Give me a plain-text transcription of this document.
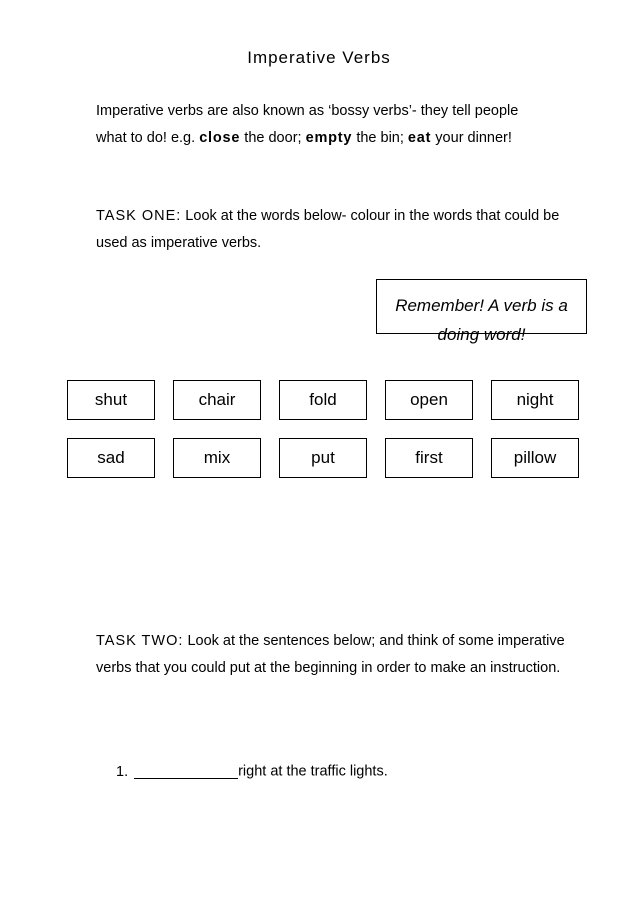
Imperative Verbs

Imperative verbs are also known as ‘bossy verbs’- they tell people
what to do! e.g. close the door; empty the bin; eat your dinner!

TASK ONE: Look at the words below- colour in the words that could be used as imperative verbs.

Remember! A verb is a doing word!

shut	chair	fold	open	night
sad	mix	put	first	pillow

TASK TWO: Look at the sentences below; and think of some imperative verbs that you could put at the beginning in order to make an instruction.

1.	right at the traffic lights.
